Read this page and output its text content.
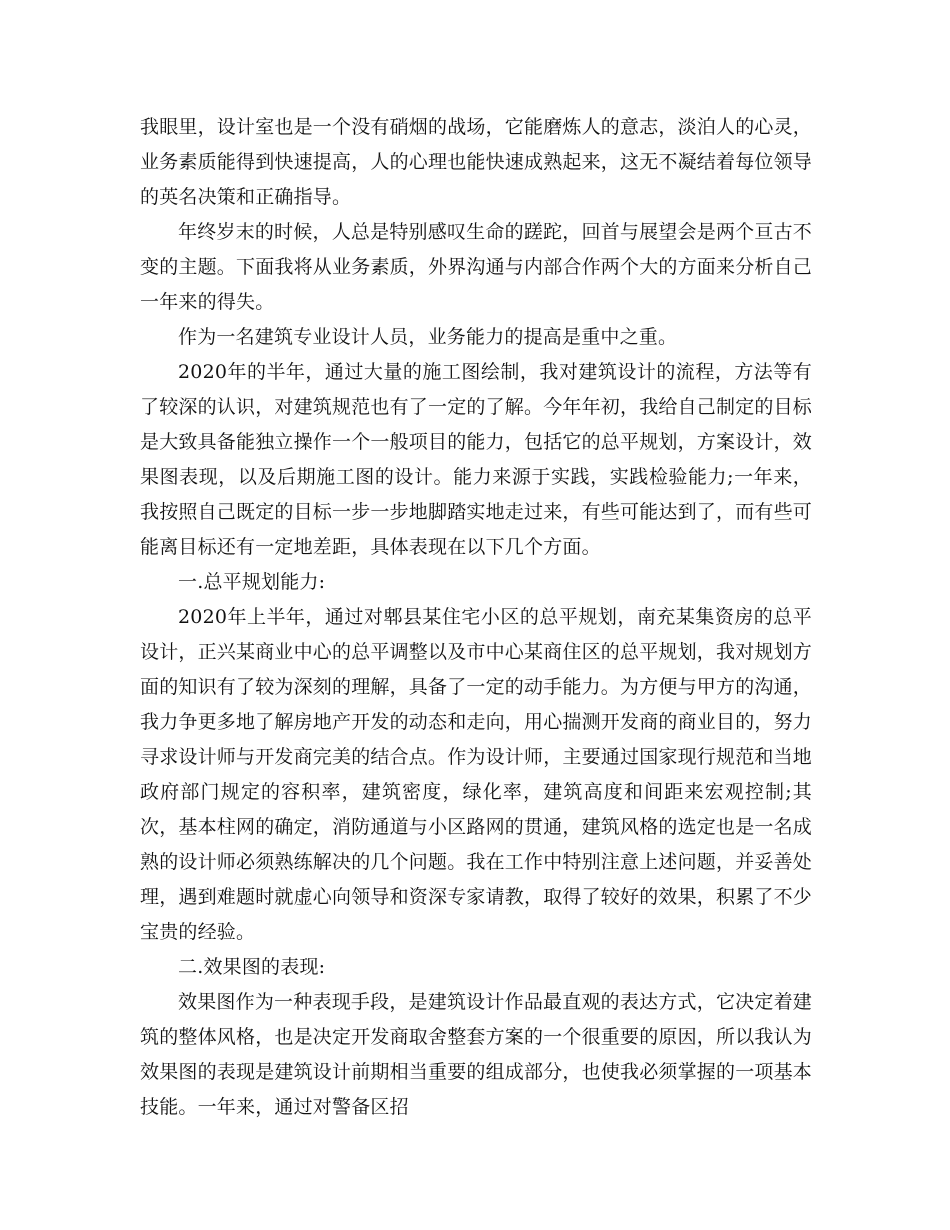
我眼里，设计室也是一个没有硝烟的战场，它能磨炼人的意志，淡泊人的心灵，业务素质能得到快速提高，人的心理也能快速成熟起来，这无不凝结着每位领导的英名决策和正确指导。

年终岁末的时候，人总是特别感叹生命的蹉跎，回首与展望会是两个亘古不变的主题。下面我将从业务素质，外界沟通与内部合作两个大的方面来分析自己一年来的得失。

作为一名建筑专业设计人员，业务能力的提高是重中之重。

2020年的半年，通过大量的施工图绘制，我对建筑设计的流程，方法等有了较深的认识，对建筑规范也有了一定的了解。今年年初，我给自己制定的目标是大致具备能独立操作一个一般项目的能力，包括它的总平规划，方案设计，效果图表现，以及后期施工图的设计。能力来源于实践，实践检验能力;一年来，我按照自己既定的目标一步一步地脚踏实地走过来，有些可能达到了，而有些可能离目标还有一定地差距，具体表现在以下几个方面。

一.总平规划能力:

2020年上半年，通过对郫县某住宅小区的总平规划，南充某集资房的总平设计，正兴某商业中心的总平调整以及市中心某商住区的总平规划，我对规划方面的知识有了较为深刻的理解，具备了一定的动手能力。为方便与甲方的沟通，我力争更多地了解房地产开发的动态和走向，用心揣测开发商的商业目的，努力寻求设计师与开发商完美的结合点。作为设计师，主要通过国家现行规范和当地政府部门规定的容积率，建筑密度，绿化率，建筑高度和间距来宏观控制;其次，基本柱网的确定，消防通道与小区路网的贯通，建筑风格的选定也是一名成熟的设计师必须熟练解决的几个问题。我在工作中特别注意上述问题，并妥善处理，遇到难题时就虚心向领导和资深专家请教，取得了较好的效果，积累了不少宝贵的经验。

二.效果图的表现:

效果图作为一种表现手段，是建筑设计作品最直观的表达方式，它决定着建筑的整体风格，也是决定开发商取舍整套方案的一个很重要的原因，所以我认为效果图的表现是建筑设计前期相当重要的组成部分，也使我必须掌握的一项基本技能。一年来，通过对警备区招
